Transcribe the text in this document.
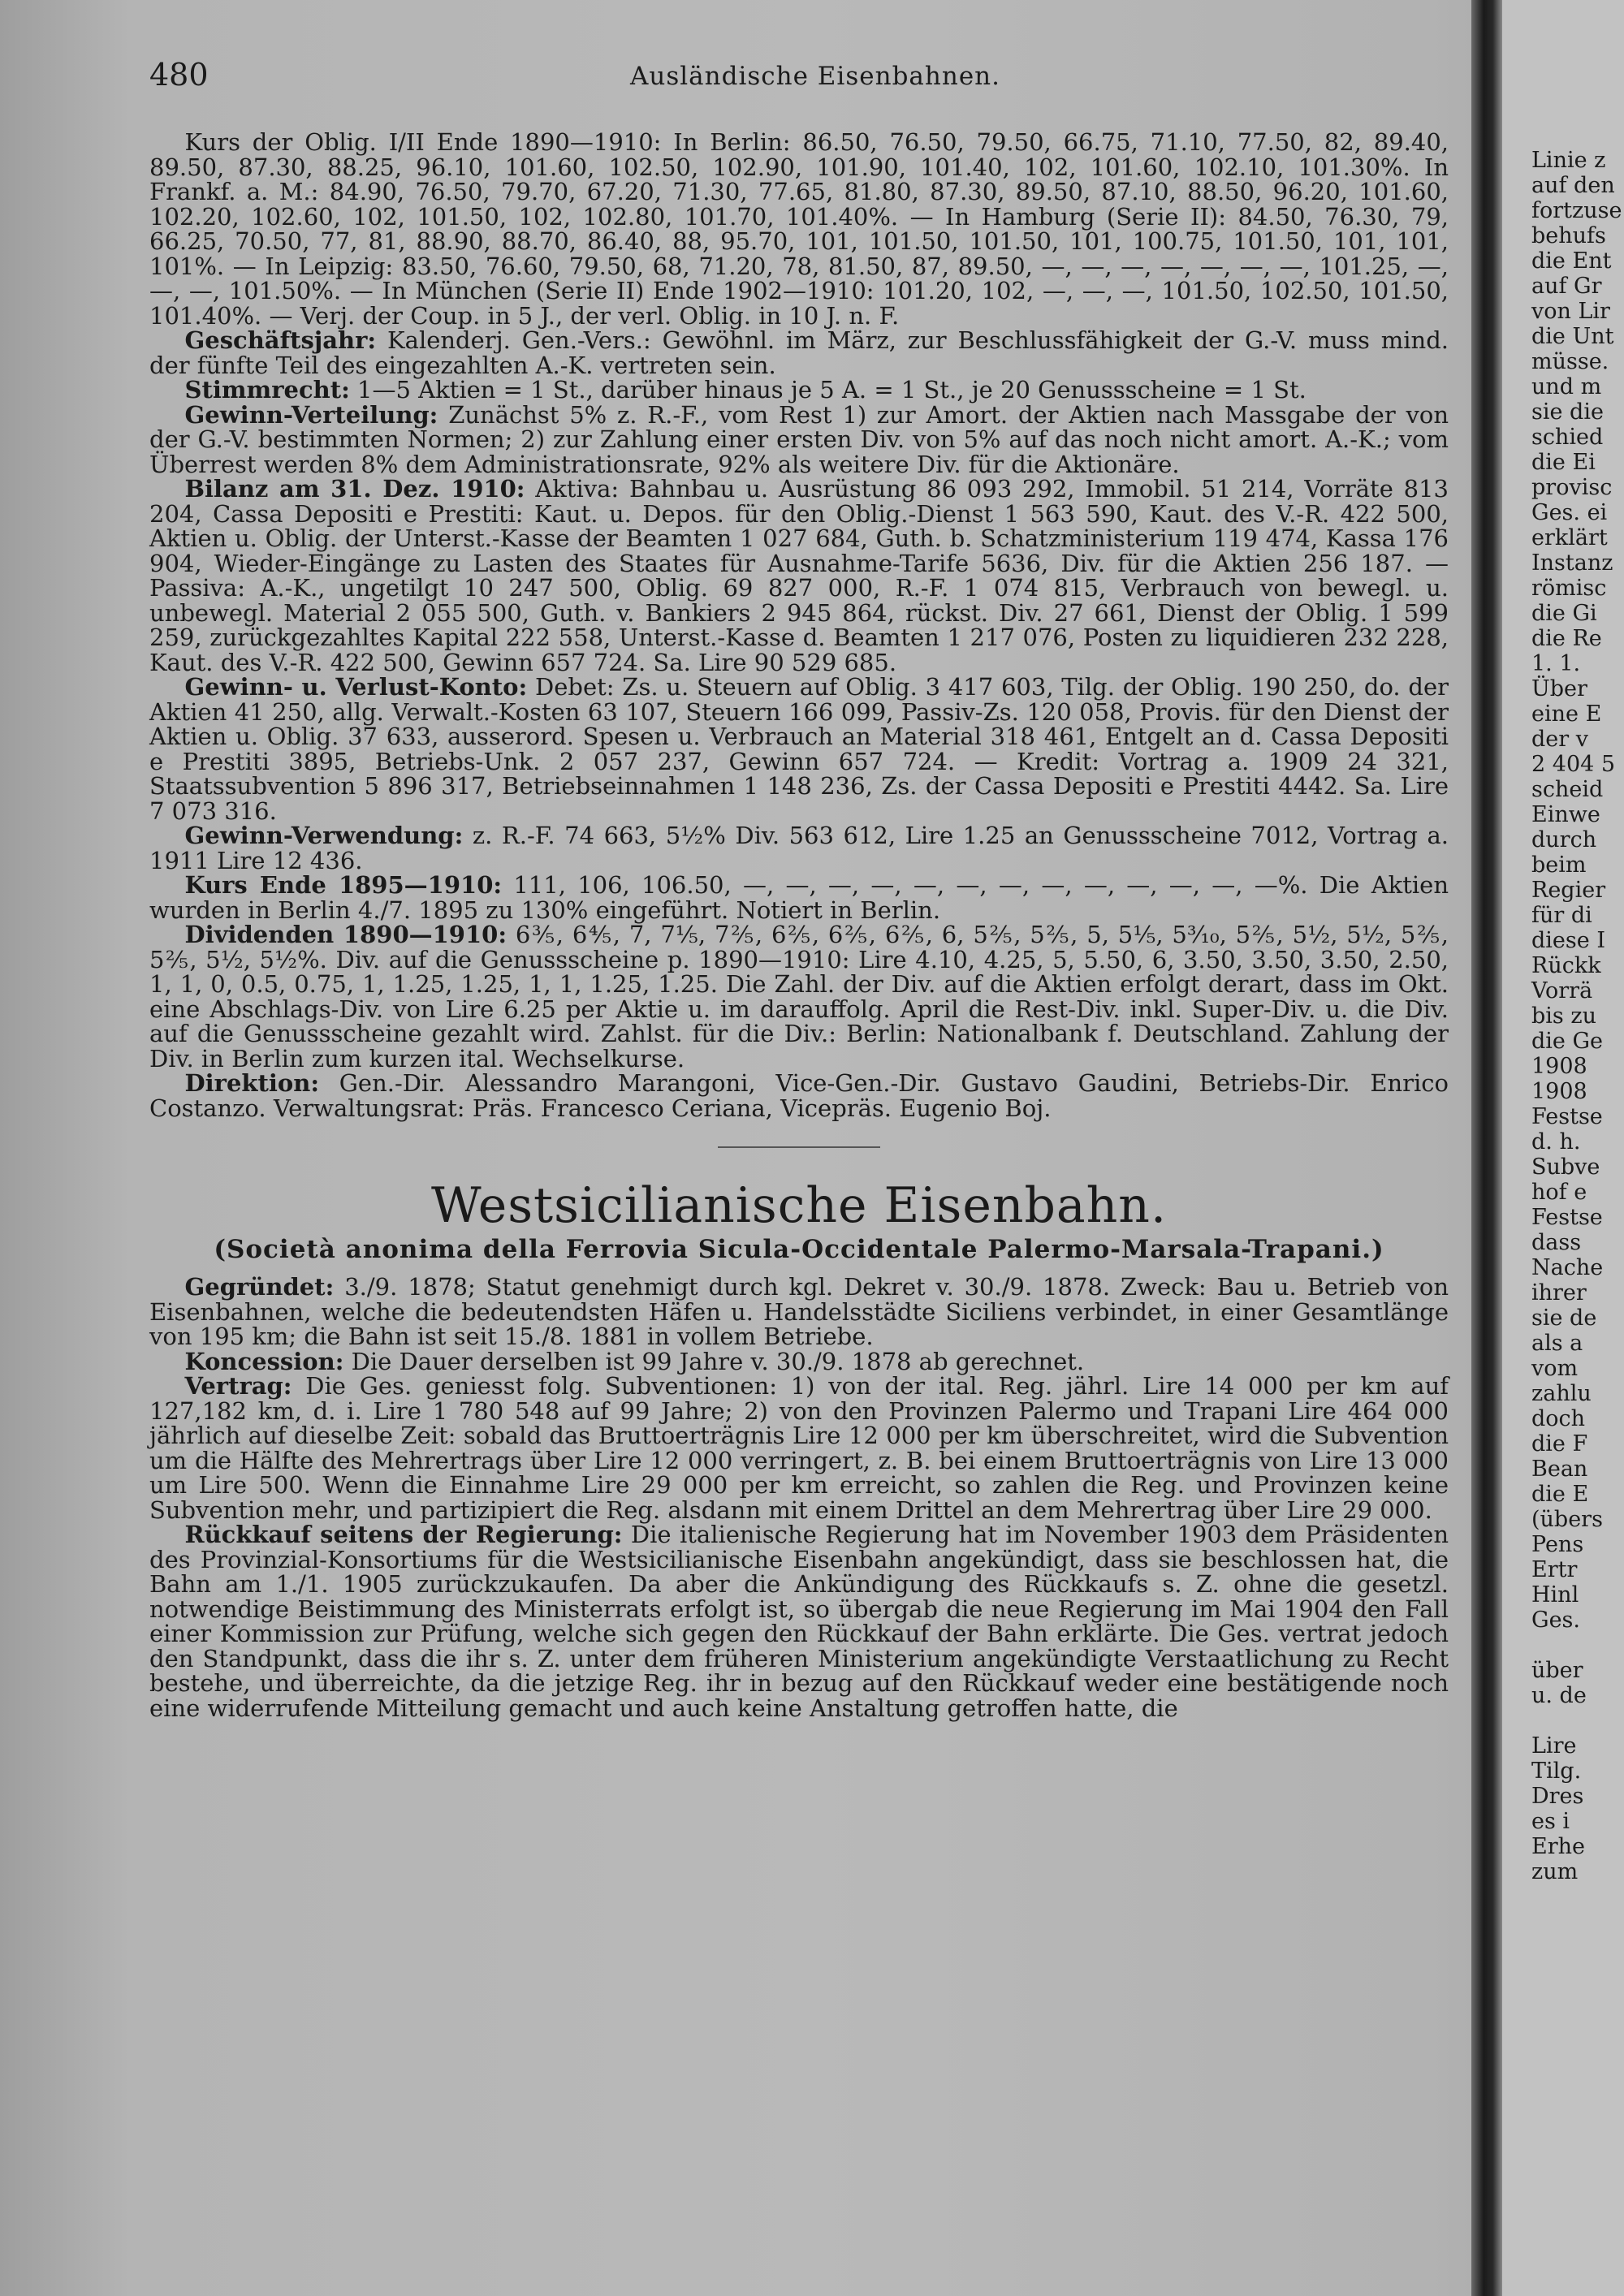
480	Ausländische Eisenbahnen.

Kurs der Oblig. I/II Ende 1890—1910: In Berlin: 86.50, 76.50, 79.50, 66.75, 71.10, 77.50, 82, 89.40, 89.50, 87.30, 88.25, 96.10, 101.60, 102.50, 102.90, 101.90, 101.40, 102, 101.60, 102.10, 101.30%. In Frankf. a. M.: 84.90, 76.50, 79.70, 67.20, 71.30, 77.65, 81.80, 87.30, 89.50, 87.10, 88.50, 96.20, 101.60, 102.20, 102.60, 102, 101.50, 102, 102.80, 101.70, 101.40%. — In Hamburg (Serie II): 84.50, 76.30, 79, 66.25, 70.50, 77, 81, 88.90, 88.70, 86.40, 88, 95.70, 101, 101.50, 101.50, 101, 100.75, 101.50, 101, 101, 101%. — In Leipzig: 83.50, 76.60, 79.50, 68, 71.20, 78, 81.50, 87, 89.50, —, —, —, —, —, —, —, 101.25, —, —, —, 101.50%. — In München (Serie II) Ende 1902—1910: 101.20, 102, —, —, —, 101.50, 102.50, 101.50, 101.40%. — Verj. der Coup. in 5 J., der verl. Oblig. in 10 J. n. F.

Geschäftsjahr: Kalenderj. Gen.-Vers.: Gewöhnl. im März, zur Beschlussfähigkeit der G.-V. muss mind. der fünfte Teil des eingezahlten A.-K. vertreten sein.

Stimmrecht: 1—5 Aktien = 1 St., darüber hinaus je 5 A. = 1 St., je 20 Genussscheine = 1 St.

Gewinn-Verteilung: Zunächst 5% z. R.-F., vom Rest 1) zur Amort. der Aktien nach Massgabe der von der G.-V. bestimmten Normen; 2) zur Zahlung einer ersten Div. von 5% auf das noch nicht amort. A.-K.; vom Überrest werden 8% dem Administrationsrate, 92% als weitere Div. für die Aktionäre.

Bilanz am 31. Dez. 1910: Aktiva: Bahnbau u. Ausrüstung 86 093 292, Immobil. 51 214, Vorräte 813 204, Cassa Depositi e Prestiti: Kaut. u. Depos. für den Oblig.-Dienst 1 563 590, Kaut. des V.-R. 422 500, Aktien u. Oblig. der Unterst.-Kasse der Beamten 1 027 684, Guth. b. Schatzministerium 119 474, Kassa 176 904, Wieder-Eingänge zu Lasten des Staates für Ausnahme-Tarife 5636, Div. für die Aktien 256 187. — Passiva: A.-K., ungetilgt 10 247 500, Oblig. 69 827 000, R.-F. 1 074 815, Verbrauch von bewegl. u. unbewegl. Material 2 055 500, Guth. v. Bankiers 2 945 864, rückst. Div. 27 661, Dienst der Oblig. 1 599 259, zurückgezahltes Kapital 222 558, Unterst.-Kasse d. Beamten 1 217 076, Posten zu liquidieren 232 228, Kaut. des V.-R. 422 500, Gewinn 657 724. Sa. Lire 90 529 685.

Gewinn- u. Verlust-Konto: Debet: Zs. u. Steuern auf Oblig. 3 417 603, Tilg. der Oblig. 190 250, do. der Aktien 41 250, allg. Verwalt.-Kosten 63 107, Steuern 166 099, Passiv-Zs. 120 058, Provis. für den Dienst der Aktien u. Oblig. 37 633, ausserord. Spesen u. Verbrauch an Material 318 461, Entgelt an d. Cassa Depositi e Prestiti 3895, Betriebs-Unk. 2 057 237, Gewinn 657 724. — Kredit: Vortrag a. 1909 24 321, Staatssubvention 5 896 317, Betriebseinnahmen 1 148 236, Zs. der Cassa Depositi e Prestiti 4442. Sa. Lire 7 073 316.

Gewinn-Verwendung: z. R.-F. 74 663, 5½% Div. 563 612, Lire 1.25 an Genussscheine 7012, Vortrag a. 1911 Lire 12 436.

Kurs Ende 1895—1910: 111, 106, 106.50, —, —, —, —, —, —, —, —, —, —, —, —, —%. Die Aktien wurden in Berlin 4./7. 1895 zu 130% eingeführt. Notiert in Berlin.

Dividenden 1890—1910: 6⅗, 6⅘, 7, 7⅕, 7⅖, 6⅖, 6⅖, 6⅖, 6, 5⅖, 5⅖, 5, 5⅕, 5³⁄₁₀, 5⅖, 5½, 5½, 5⅖, 5⅖, 5½, 5½%. Div. auf die Genussscheine p. 1890—1910: Lire 4.10, 4.25, 5, 5.50, 6, 3.50, 3.50, 3.50, 2.50, 1, 1, 0, 0.5, 0.75, 1, 1.25, 1.25, 1, 1, 1.25, 1.25. Die Zahl. der Div. auf die Aktien erfolgt derart, dass im Okt. eine Abschlags-Div. von Lire 6.25 per Aktie u. im darauffolg. April die Rest-Div. inkl. Super-Div. u. die Div. auf die Genussscheine gezahlt wird. Zahlst. für die Div.: Berlin: Nationalbank f. Deutschland. Zahlung der Div. in Berlin zum kurzen ital. Wechselkurse.

Direktion: Gen.-Dir. Alessandro Marangoni, Vice-Gen.-Dir. Gustavo Gaudini, Betriebs-Dir. Enrico Costanzo. Verwaltungsrat: Präs. Francesco Ceriana, Vicepräs. Eugenio Boj.

Westsicilianische Eisenbahn.
(Società anonima della Ferrovia Sicula-Occidentale Palermo-Marsala-Trapani.)

Gegründet: 3./9. 1878; Statut genehmigt durch kgl. Dekret v. 30./9. 1878. Zweck: Bau u. Betrieb von Eisenbahnen, welche die bedeutendsten Häfen u. Handelsstädte Siciliens verbindet, in einer Gesamtlänge von 195 km; die Bahn ist seit 15./8. 1881 in vollem Betriebe.

Koncession: Die Dauer derselben ist 99 Jahre v. 30./9. 1878 ab gerechnet.

Vertrag: Die Ges. geniesst folg. Subventionen: 1) von der ital. Reg. jährl. Lire 14 000 per km auf 127,182 km, d. i. Lire 1 780 548 auf 99 Jahre; 2) von den Provinzen Palermo und Trapani Lire 464 000 jährlich auf dieselbe Zeit: sobald das Bruttoerträgnis Lire 12 000 per km überschreitet, wird die Subvention um die Hälfte des Mehrertrags über Lire 12 000 verringert, z. B. bei einem Bruttoerträgnis von Lire 13 000 um Lire 500. Wenn die Einnahme Lire 29 000 per km erreicht, so zahlen die Reg. und Provinzen keine Subvention mehr, und partizipiert die Reg. alsdann mit einem Drittel an dem Mehrertrag über Lire 29 000.

Rückkauf seitens der Regierung: Die italienische Regierung hat im November 1903 dem Präsidenten des Provinzial-Konsortiums für die Westsicilianische Eisenbahn angekündigt, dass sie beschlossen hat, die Bahn am 1./1. 1905 zurückzukaufen. Da aber die Ankündigung des Rückkaufs s. Z. ohne die gesetzl. notwendige Beistimmung des Ministerrats erfolgt ist, so übergab die neue Regierung im Mai 1904 den Fall einer Kommission zur Prüfung, welche sich gegen den Rückkauf der Bahn erklärte. Die Ges. vertrat jedoch den Standpunkt, dass die ihr s. Z. unter dem früheren Ministerium angekündigte Verstaatlichung zu Recht bestehe, und überreichte, da die jetzige Reg. ihr in bezug auf den Rückkauf weder eine bestätigende noch eine widerrufende Mitteilung gemacht und auch keine Anstaltung getroffen hatte, die

Linie z
auf den
fortzuse
behufs
die Ent
auf Gr
von Lir
die Unt
müsse.
und m
sie die
schied
die Ei
provisc
Ges. ei
erklärt
Instanz
römisc
die Gi
die Re
1. 1.
Über
eine E
der v
2 404 5
scheid
Einwe
durch
beim
Regier
für di
diese I
Rückk
Vorrä
bis zu
die Ge
1908
1908
Festse
d. h.
Subve
hof e
Festse
dass
Nache
ihrer
sie de
als a
vom
zahlu
doch
die F
Bean
die E
(übers
Pens
Ertr
Hinl
Ges.
über
u. de
Lire
Tilg.
Dres
es i
Erhe
zum
